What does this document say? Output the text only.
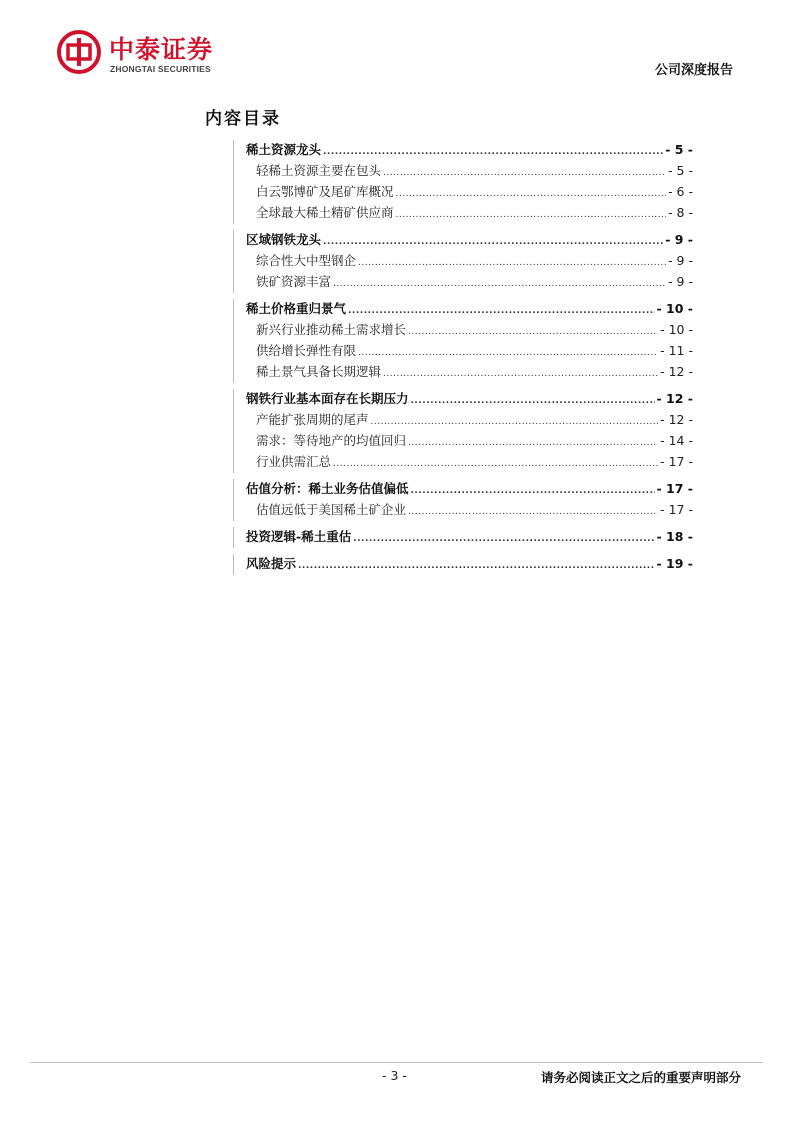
中泰证券
ZHONGTAI SECURITIES	公司深度报告
内容目录
稀土资源龙头 .....	- 5 -
轻稀土资源主要在包头 .....	- 5 -
白云鄂博矿及尾矿库概况 .....	- 6 -
全球最大稀土精矿供应商 .....	- 8 -
区域钢铁龙头 .....	- 9 -
综合性大中型钢企 .....	- 9 -
铁矿资源丰富 .....	- 9 -
稀土价格重归景气 .....	- 10 -
新兴行业推动稀土需求增长 .....	- 10 -
供给增长弹性有限 .....	- 11 -
稀土景气具备长期逻辑 .....	- 12 -
钢铁行业基本面存在长期压力 .....	- 12 -
产能扩张周期的尾声 .....	- 12 -
需求：等待地产的均值回归 .....	- 14 -
行业供需汇总 .....	- 17 -
估值分析：稀土业务估值偏低 .....	- 17 -
估值远低于美国稀土矿企业 .....	- 17 -
投资逻辑-稀土重估 .....	- 18 -
风险提示 .....	- 19 -
- 3 -	请务必阅读正文之后的重要声明部分
